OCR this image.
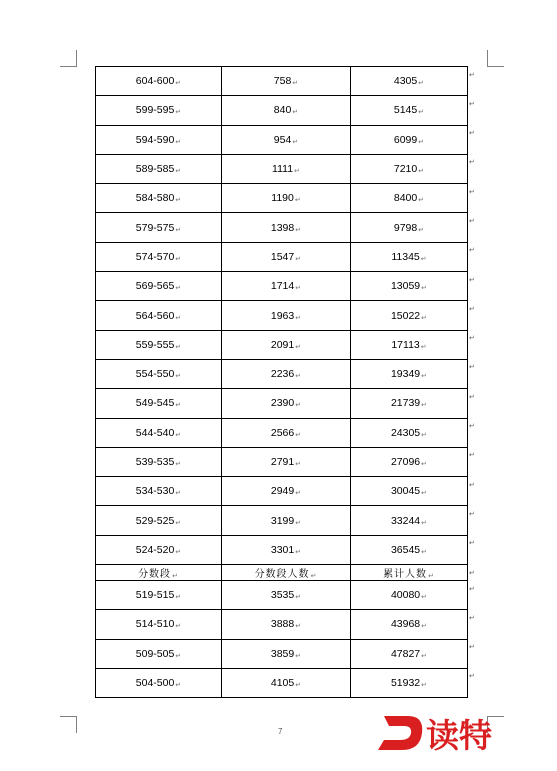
604-600 ↵	758 ↵	4305 ↵
599-595 ↵	840 ↵	5145 ↵
594-590 ↵	954 ↵	6099 ↵
589-585 ↵	1111 ↵	7210 ↵
584-580 ↵	1190 ↵	8400 ↵
579-575 ↵	1398 ↵	9798 ↵
574-570 ↵	1547 ↵	11345 ↵
569-565 ↵	1714 ↵	13059 ↵
564-560 ↵	1963 ↵	15022 ↵
559-555 ↵	2091 ↵	17113 ↵
554-550 ↵	2236 ↵	19349 ↵
549-545 ↵	2390 ↵	21739 ↵
544-540 ↵	2566 ↵	24305 ↵
539-535 ↵	2791 ↵	27096 ↵
534-530 ↵	2949 ↵	30045 ↵
529-525 ↵	3199 ↵	33244 ↵
524-520 ↵	3301 ↵	36545 ↵
分数段 ↵	分数段人数 ↵	累计人数 ↵
519-515 ↵	3535 ↵	40080 ↵
514-510 ↵	3888 ↵	43968 ↵
509-505 ↵	3859 ↵	47827 ↵
504-500 ↵	4105 ↵	51932 ↵
↵
↵
↵
↵
↵
↵
↵
↵
↵
↵
↵
↵
↵
↵
↵
↵
↵
↵
↵
↵
↵
↵
7	读特
